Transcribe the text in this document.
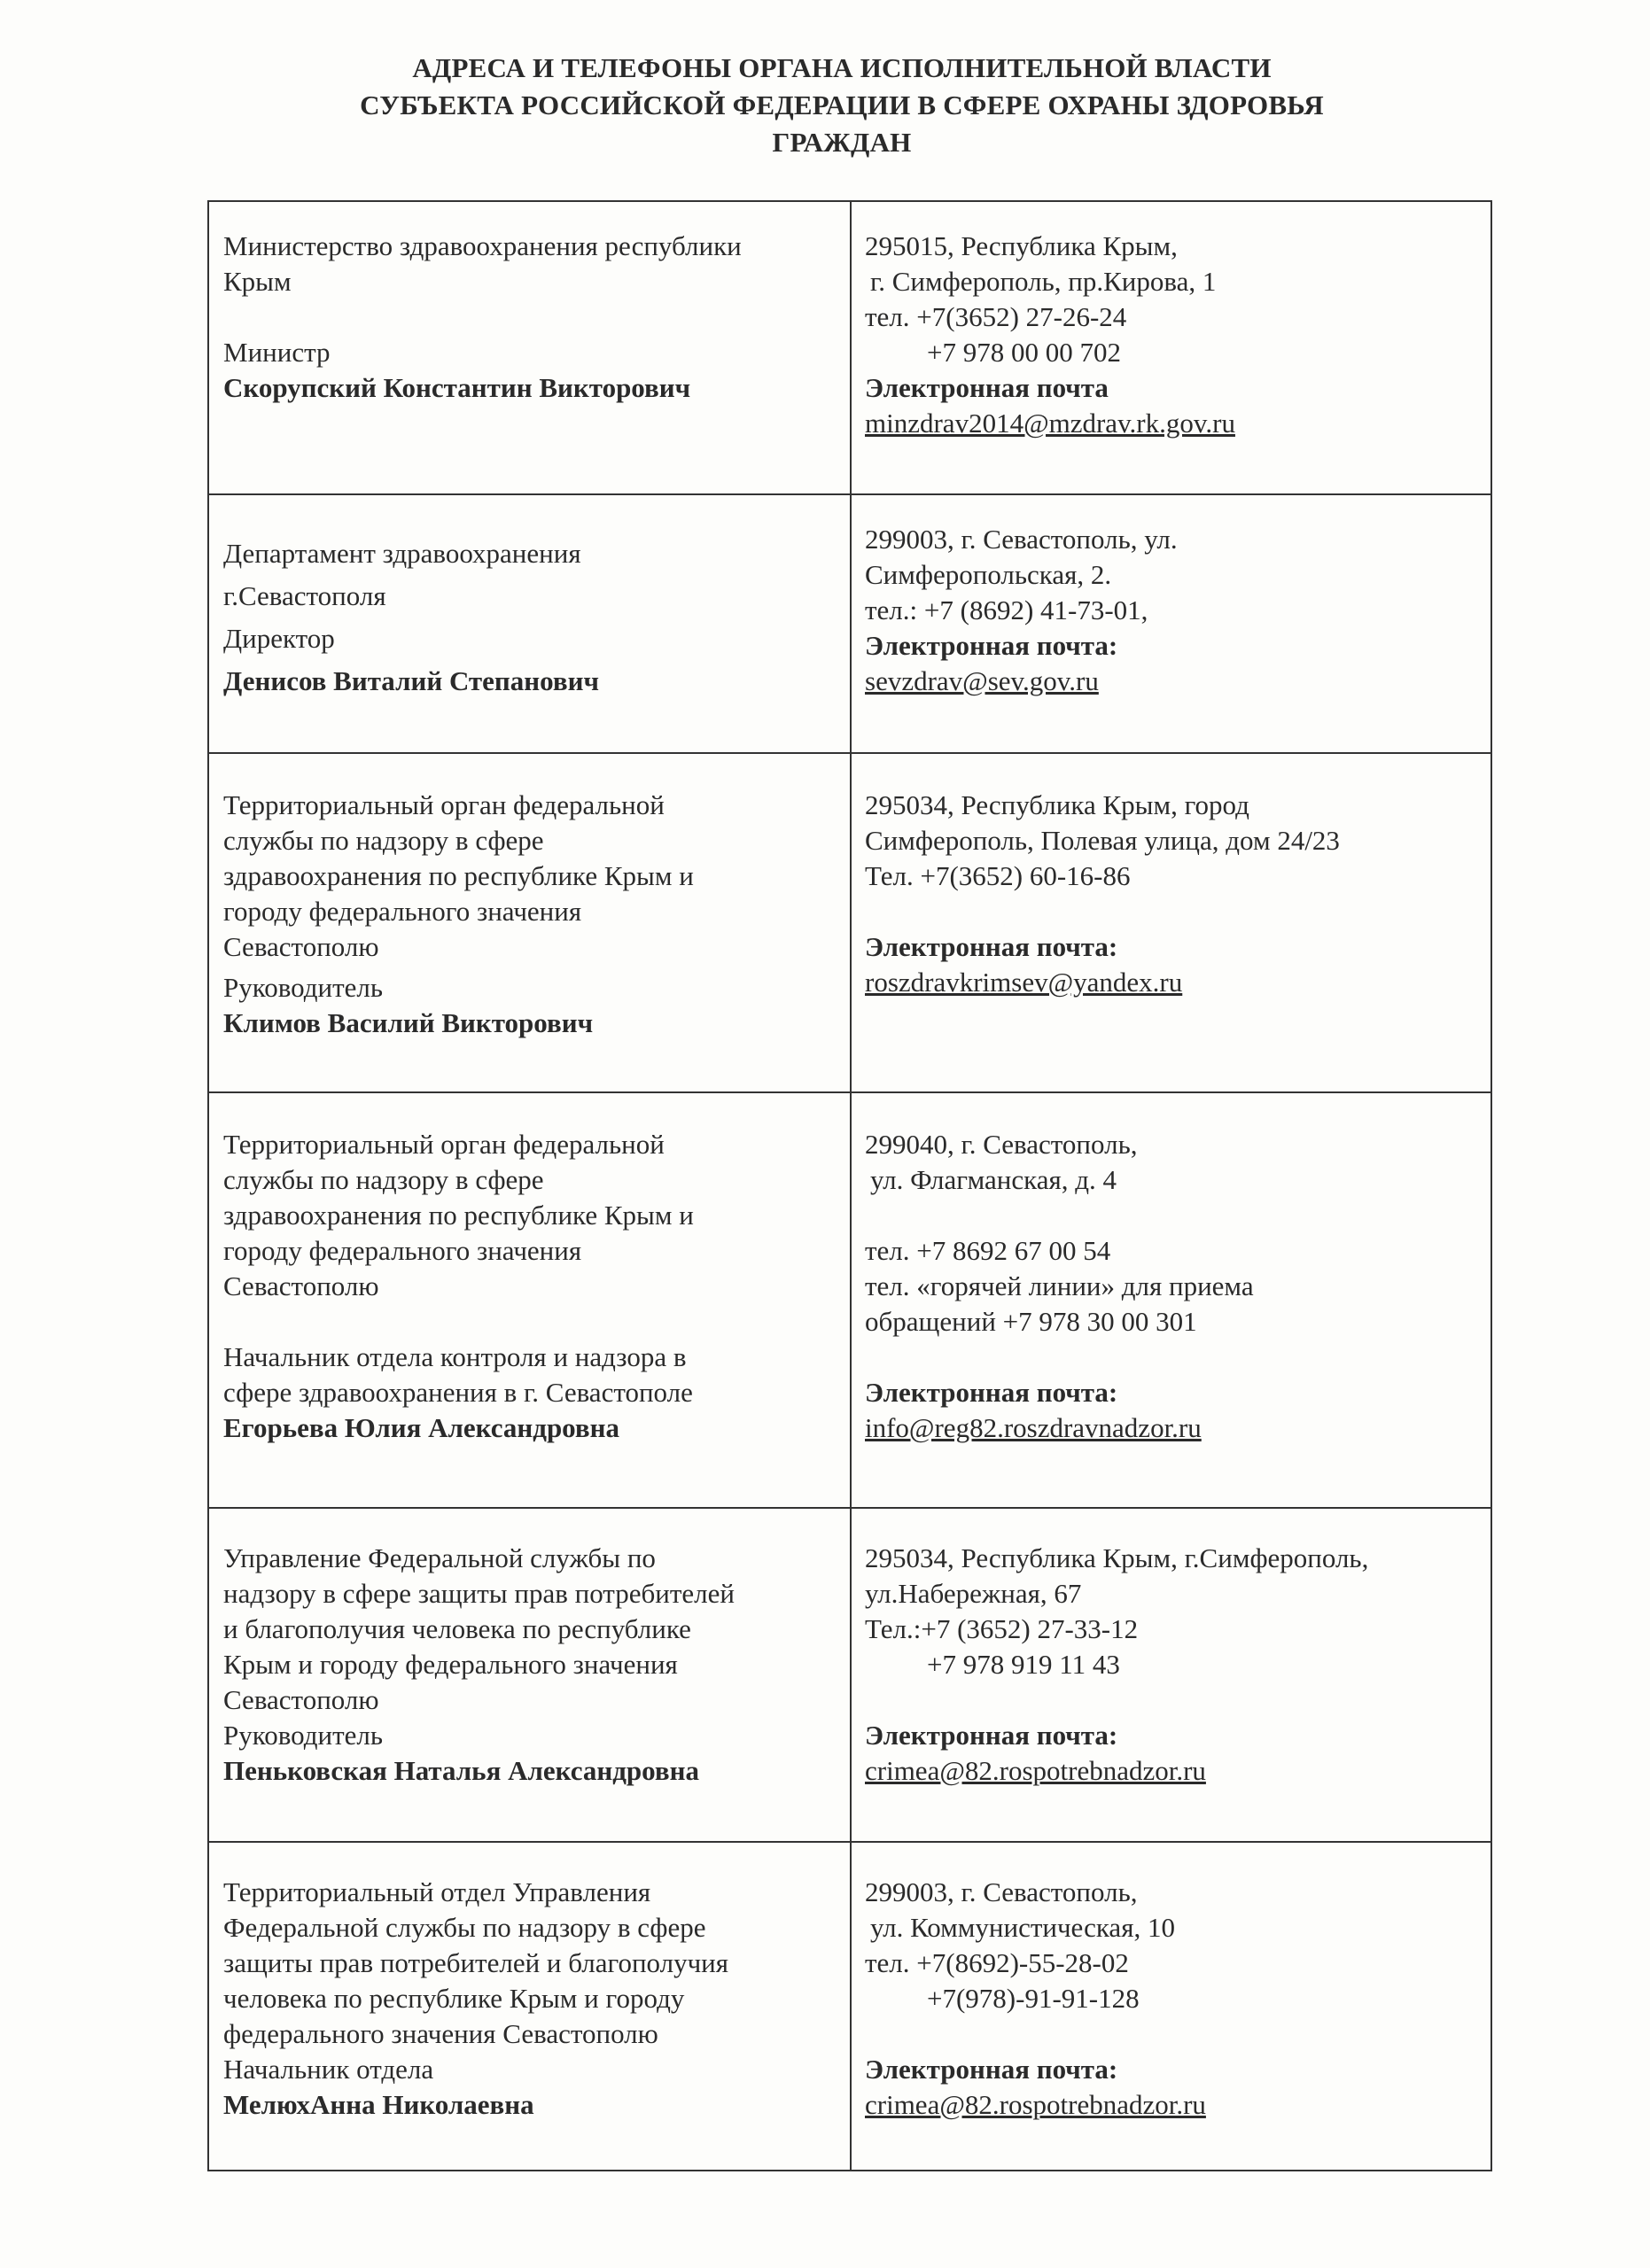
АДРЕСА И ТЕЛЕФОНЫ ОРГАНА ИСПОЛНИТЕЛЬНОЙ ВЛАСТИ
СУБЪЕКТА РОССИЙСКОЙ ФЕДЕРАЦИИ В СФЕРЕ ОХРАНЫ ЗДОРОВЬЯ
ГРАЖДАН
Министерство здравоохранения республики
Крым
Министр
Скорупский Константин Викторович
295015, Республика Крым,
г. Симферополь, пр.Кирова, 1
тел. +7(3652) 27-26-24
+7 978 00 00 702
Электронная почта
minzdrav2014@mzdrav.rk.gov.ru
Департамент здравоохранения
г.Севастополя
Директор
Денисов Виталий Степанович
299003, г. Севастополь, ул.
Симферопольская, 2.
тел.: +7 (8692) 41-73-01,
Электронная почта:
sevzdrav@sev.gov.ru
Территориальный орган федеральной
службы по надзору в сфере
здравоохранения по республике Крым и
городу федерального значения
Севастополю
Руководитель
Климов Василий Викторович
295034, Республика Крым, город
Симферополь, Полевая улица, дом 24/23
Тел. +7(3652) 60-16-86
Электронная почта:
roszdravkrimsev@yandex.ru
Территориальный орган федеральной
службы по надзору в сфере
здравоохранения по республике Крым и
городу федерального значения
Севастополю
Начальник отдела контроля и надзора в
сфере здравоохранения в г. Севастополе
Егорьева Юлия Александровна
299040, г. Севастополь,
ул. Флагманская, д. 4
тел. +7 8692 67 00 54
тел. «горячей линии» для приема
обращений +7 978 30 00 301
Электронная почта:
info@reg82.roszdravnadzor.ru
Управление Федеральной службы по
надзору в сфере защиты прав потребителей
и благополучия человека по республике
Крым и городу федерального значения
Севастополю
Руководитель
Пеньковская Наталья Александровна
295034, Республика Крым, г.Симферополь,
ул.Набережная, 67
Тел.:+7 (3652) 27-33-12
+7 978 919 11 43
Электронная почта:
crimea@82.rospotrebnadzor.ru
Территориальный отдел Управления
Федеральной службы по надзору в сфере
защиты прав потребителей и благополучия
человека по республике Крым и городу
федерального значения Севастополю
Начальник отдела
МелюхАнна Николаевна
299003, г. Севастополь,
ул. Коммунистическая, 10
тел. +7(8692)-55-28-02
+7(978)-91-91-128
Электронная почта:
crimea@82.rospotrebnadzor.ru
